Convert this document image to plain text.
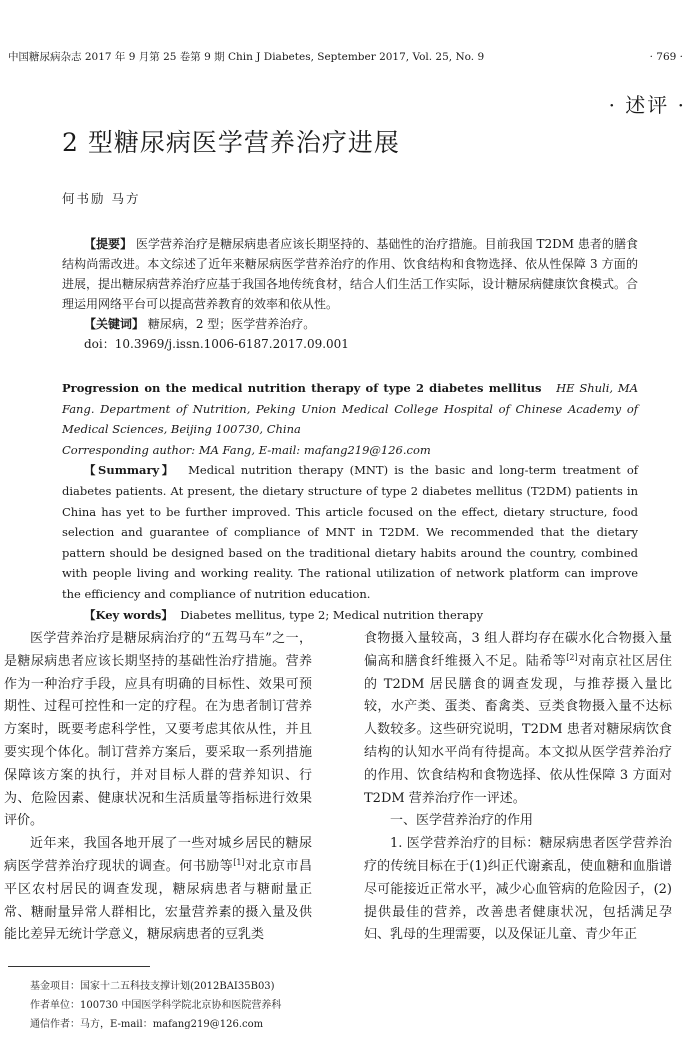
中国糖尿病杂志 2017 年 9 月第 25 卷第 9 期 Chin J Diabetes, September 2017, Vol. 25, No. 9	· 769 ·
· 述评 ·
2 型糖尿病医学营养治疗进展
何书励 马方

【提要】 医学营养治疗是糖尿病患者应该长期坚持的、基础性的治疗措施。目前我国 T2DM 患者的膳食结构尚需改进。本文综述了近年来糖尿病医学营养治疗的作用、饮食结构和食物选择、依从性保障 3 方面的进展，提出糖尿病营养治疗应基于我国各地传统食材，结合人们生活工作实际，设计糖尿病健康饮食模式。合理运用网络平台可以提高营养教育的效率和依从性。

【关键词】 糖尿病，2 型；医学营养治疗。

doi：10.3969/j.issn.1006-6187.2017.09.001

Progression on the medical nutrition therapy of type 2 diabetes mellitus HE Shuli, MA Fang. Department of Nutrition, Peking Union Medical College Hospital of Chinese Academy of Medical Sciences, Beijing 100730, China

Corresponding author: MA Fang, E-mail: mafang219@126.com

【Summary】 Medical nutrition therapy (MNT) is the basic and long-term treatment of diabetes patients. At present, the dietary structure of type 2 diabetes mellitus (T2DM) patients in China has yet to be further improved. This article focused on the effect, dietary structure, food selection and guarantee of compliance of MNT in T2DM. We recommended that the dietary pattern should be designed based on the traditional dietary habits around the country, combined with people living and working reality. The rational utilization of network platform can improve the efficiency and compliance of nutrition education.

【Key words】 Diabetes mellitus, type 2; Medical nutrition therapy

医学营养治疗是糖尿病治疗的“五驾马车”之一，是糖尿病患者应该长期坚持的基础性治疗措施。营养作为一种治疗手段，应具有明确的目标性、效果可预期性、过程可控性和一定的疗程。在为患者制订营养方案时，既要考虑科学性，又要考虑其依从性，并且要实现个体化。制订营养方案后，要采取一系列措施保障该方案的执行，并对目标人群的营养知识、行为、危险因素、健康状况和生活质量等指标进行效果评价。

近年来，我国各地开展了一些对城乡居民的糖尿病医学营养治疗现状的调查。何书励等[1]对北京市昌平区农村居民的调查发现，糖尿病患者与糖耐量正常、糖耐量异常人群相比，宏量营养素的摄入量及供能比差异无统计学意义，糖尿病患者的豆乳类

食物摄入量较高，3 组人群均存在碳水化合物摄入量偏高和膳食纤维摄入不足。陆希等[2]对南京社区居住的 T2DM 居民膳食的调查发现，与推荐摄入量比较，水产类、蛋类、畜禽类、豆类食物摄入量不达标人数较多。这些研究说明，T2DM 患者对糖尿病饮食结构的认知水平尚有待提高。本文拟从医学营养治疗的作用、饮食结构和食物选择、依从性保障 3 方面对 T2DM 营养治疗作一评述。

一、医学营养治疗的作用

1. 医学营养治疗的目标：糖尿病患者医学营养治疗的传统目标在于(1)纠正代谢紊乱，使血糖和血脂谱尽可能接近正常水平，减少心血管病的危险因子，(2)提供最佳的营养，改善患者健康状况，包括满足孕妇、乳母的生理需要，以及保证儿童、青少年正

基金项目：国家十二五科技支撑计划(2012BAI35B03)

作者单位：100730 中国医学科学院北京协和医院营养科

通信作者：马方，E-mail：mafang219@126.com
